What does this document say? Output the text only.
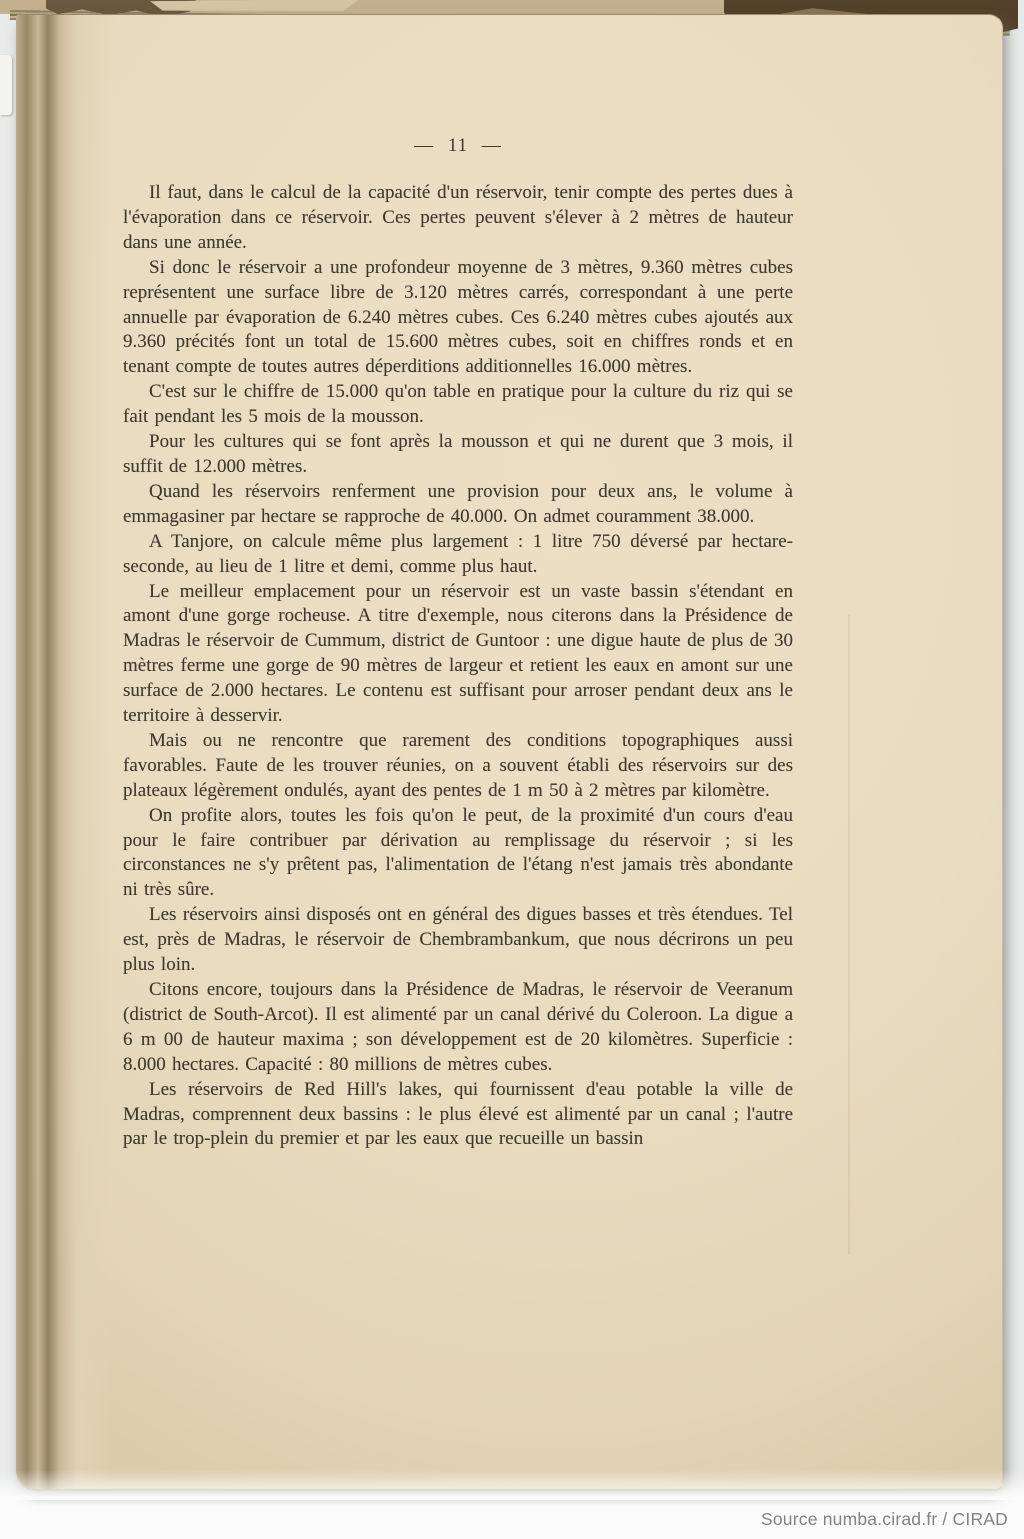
— 11 —

Il faut, dans le calcul de la capacité d'un réservoir, tenir compte des pertes dues à l'évaporation dans ce réservoir. Ces pertes peuvent s'élever à 2 mètres de hauteur dans une année.

Si donc le réservoir a une profondeur moyenne de 3 mètres, 9.360 mètres cubes représentent une surface libre de 3.120 mètres carrés, correspondant à une perte annuelle par évaporation de 6.240 mètres cubes. Ces 6.240 mètres cubes ajoutés aux 9.360 précités font un total de 15.600 mètres cubes, soit en chiffres ronds et en tenant compte de toutes autres déperditions additionnelles 16.000 mètres.

C'est sur le chiffre de 15.000 qu'on table en pratique pour la culture du riz qui se fait pendant les 5 mois de la mousson.

Pour les cultures qui se font après la mousson et qui ne durent que 3 mois, il suffit de 12.000 mètres.

Quand les réservoirs renferment une provision pour deux ans, le volume à emmagasiner par hectare se rapproche de 40.000. On admet couramment 38.000.

A Tanjore, on calcule même plus largement : 1 litre 750 déversé par hectare-seconde, au lieu de 1 litre et demi, comme plus haut.

Le meilleur emplacement pour un réservoir est un vaste bassin s'étendant en amont d'une gorge rocheuse. A titre d'exemple, nous citerons dans la Présidence de Madras le réservoir de Cummum, district de Guntoor : une digue haute de plus de 30 mètres ferme une gorge de 90 mètres de largeur et retient les eaux en amont sur une surface de 2.000 hectares. Le contenu est suffisant pour arroser pendant deux ans le territoire à desservir.

Mais ou ne rencontre que rarement des conditions topographiques aussi favorables. Faute de les trouver réunies, on a souvent établi des réservoirs sur des plateaux légèrement ondulés, ayant des pentes de 1 m 50 à 2 mètres par kilomètre.

On profite alors, toutes les fois qu'on le peut, de la proximité d'un cours d'eau pour le faire contribuer par dérivation au remplissage du réservoir ; si les circonstances ne s'y prêtent pas, l'alimentation de l'étang n'est jamais très abondante ni très sûre.

Les réservoirs ainsi disposés ont en général des digues basses et très étendues. Tel est, près de Madras, le réservoir de Chembrambankum, que nous décrirons un peu plus loin.

Citons encore, toujours dans la Présidence de Madras, le réservoir de Veeranum (district de South-Arcot). Il est alimenté par un canal dérivé du Coleroon. La digue a 6 m 00 de hauteur maxima ; son développement est de 20 kilomètres. Superficie : 8.000 hectares. Capacité : 80 millions de mètres cubes.

Les réservoirs de Red Hill's lakes, qui fournissent d'eau potable la ville de Madras, comprennent deux bassins : le plus élevé est alimenté par un canal ; l'autre par le trop-plein du premier et par les eaux que recueille un bassin

Source numba.cirad.fr / CIRAD
